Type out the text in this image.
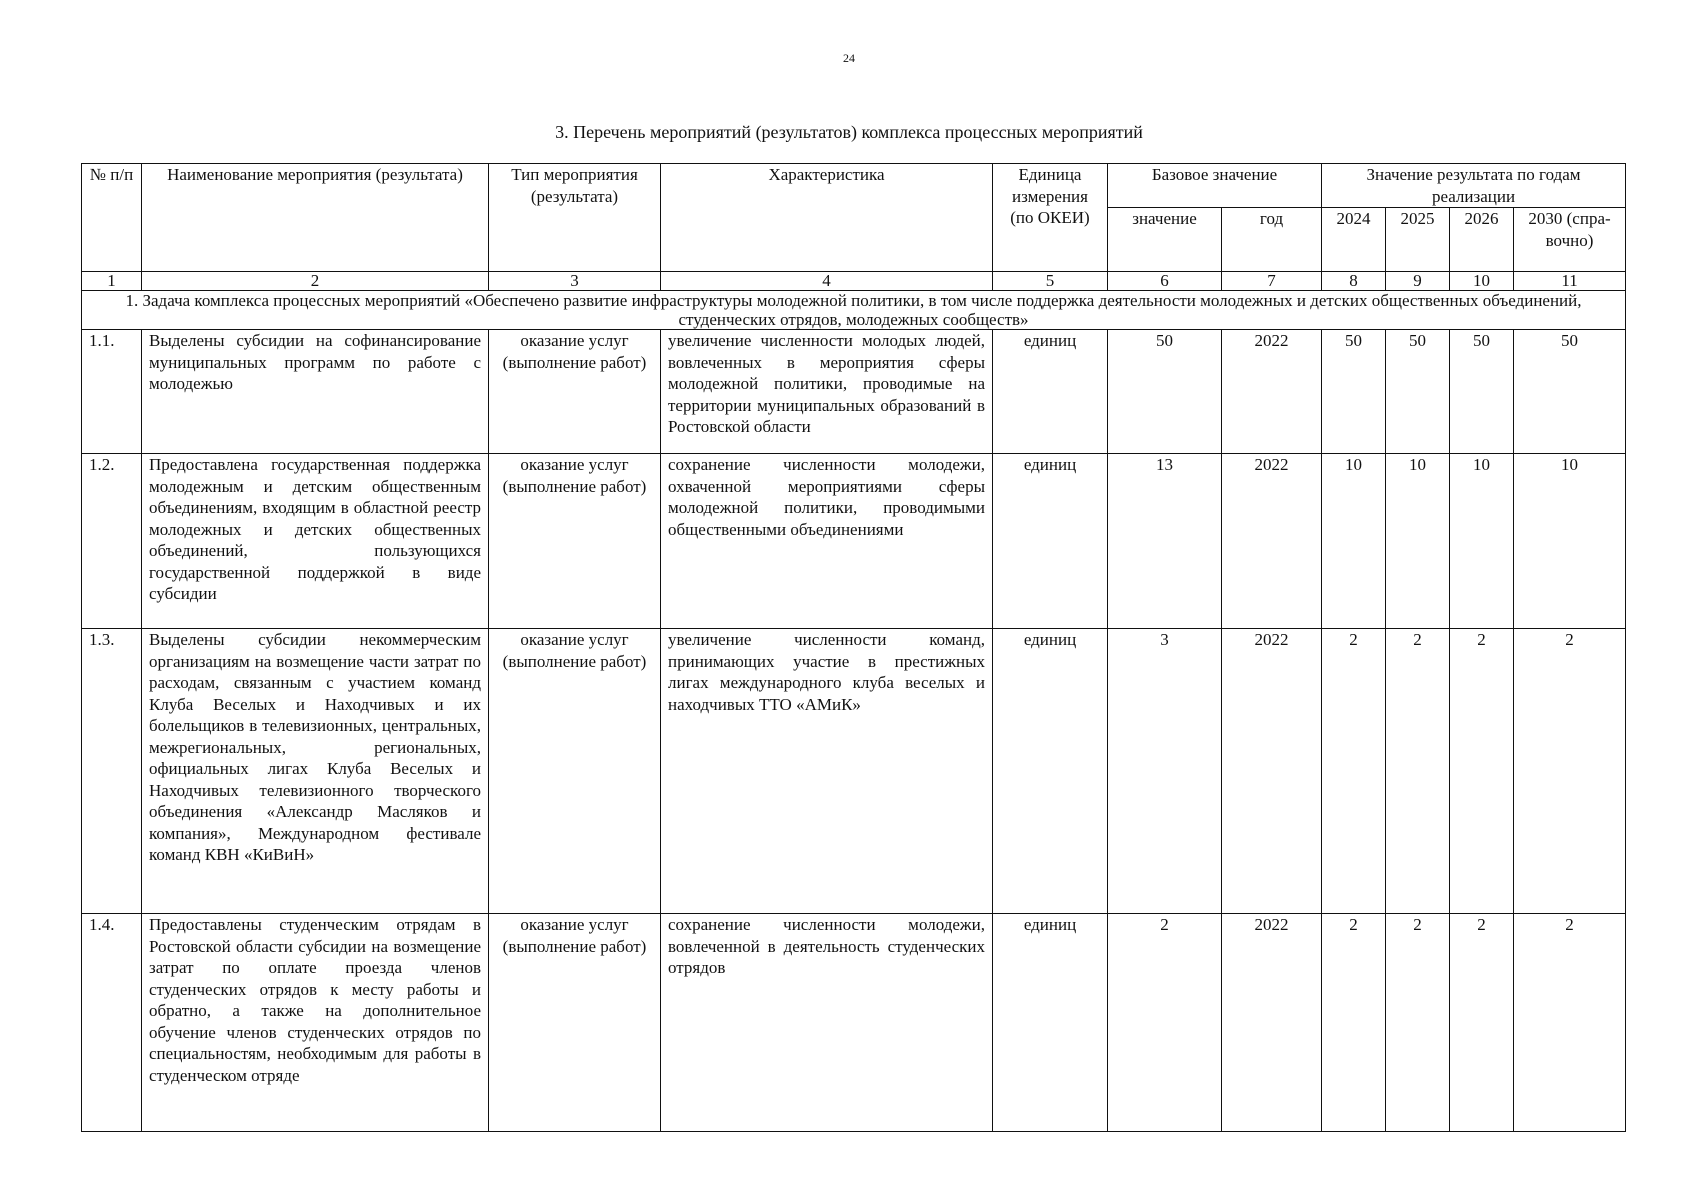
24
3. Перечень мероприятий (результатов) комплекса процессных мероприятий
№ п/п	Наименование мероприятия (результата)	Тип мероприятия (результата)	Характеристика	Единица измерения (по ОКЕИ)	Базовое значение		Значение результата по годам реализации			
					значение	год	2024	2025	2026	2030 (спра-вочно)
1	2	3	4	5	6	7	8	9	10	11
1. Задача комплекса процессных мероприятий «Обеспечено развитие инфраструктуры молодежной политики, в том числе поддержка деятельности молодежных и детских общественных объединений, студенческих отрядов, молодежных сообществ»										
1.1.	Выделены субсидии на софинансирование муниципальных программ по работе с молодежью	оказание услуг (выполнение работ)	увеличение численности молодых людей, вовлеченных в мероприятия сферы молодежной политики, проводимые на территории муниципальных образований в Ростовской области	единиц	50	2022	50	50	50	50
1.2.	Предоставлена государственная поддержка молодежным и детским общественным объединениям, входящим в областной реестр молодежных и детских общественных объединений, пользующихся государственной поддержкой в виде субсидии	оказание услуг (выполнение работ)	сохранение численности молодежи, охваченной мероприятиями сферы молодежной политики, проводимыми общественными объединениями	единиц	13	2022	10	10	10	10
1.3.	Выделены субсидии некоммерческим организациям на возмещение части затрат по расходам, связанным с участием команд Клуба Веселых и Находчивых и их болельщиков в телевизионных, центральных, межрегиональных, региональных, официальных лигах Клуба Веселых и Находчивых телевизионного творческого объединения «Александр Масляков и компания», Международном фестивале команд КВН «КиВиН»	оказание услуг (выполнение работ)	увеличение численности команд, принимающих участие в престижных лигах международного клуба веселых и находчивых ТТО «АМиК»	единиц	3	2022	2	2	2	2
1.4.	Предоставлены студенческим отрядам в Ростовской области субсидии на возмещение затрат по оплате проезда членов студенческих отрядов к месту работы и обратно, а также на дополнительное обучение членов студенческих отрядов по специальностям, необходимым для работы в студенческом отряде	оказание услуг (выполнение работ)	сохранение численности молодежи, вовлеченной в деятельность студенческих отрядов	единиц	2	2022	2	2	2	2
